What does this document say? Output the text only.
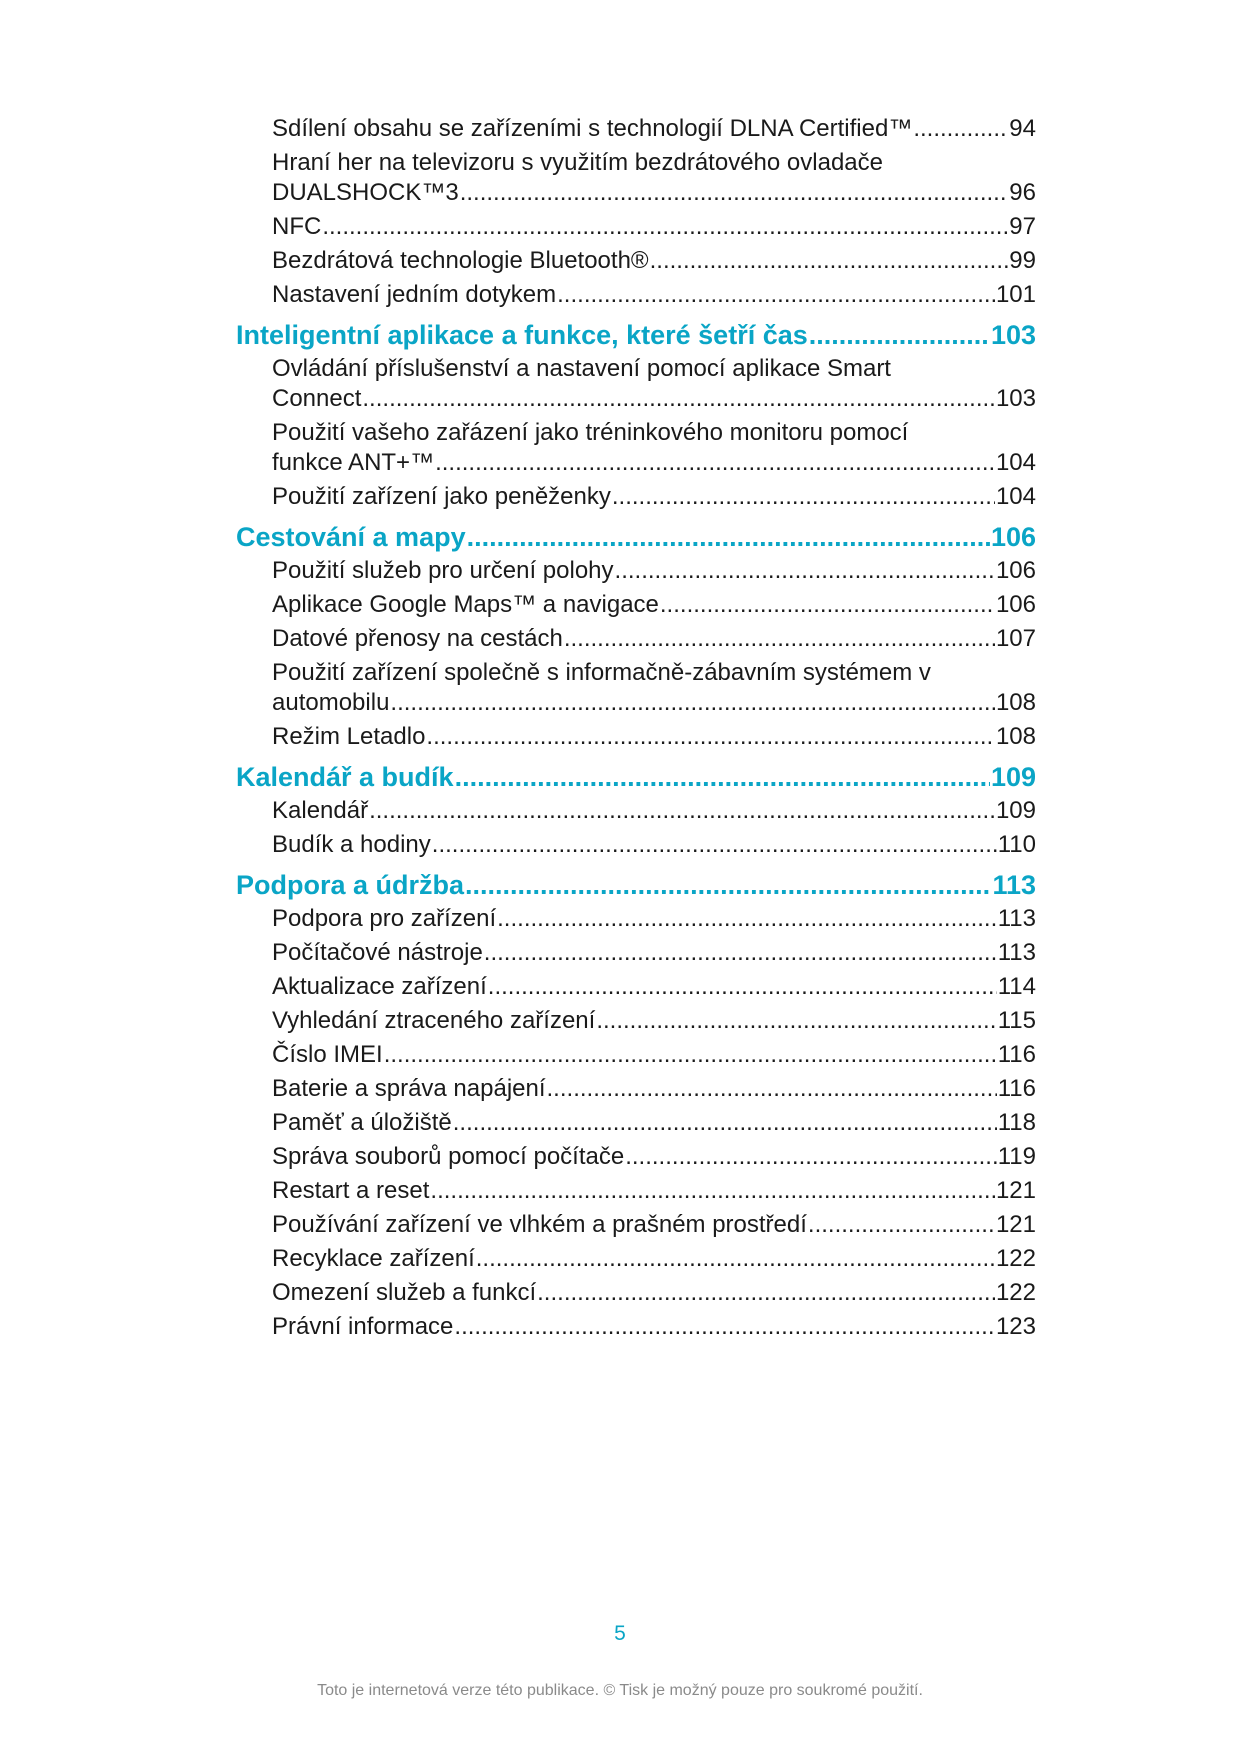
Sdílení obsahu se zařízeními s technologií DLNA Certified™ .....	94
Hraní her na televizoru s využitím bezdrátového ovladače
DUALSHOCK™3 .....	96
NFC .....	97
Bezdrátová technologie Bluetooth® .....	99
Nastavení jedním dotykem .....	101
Inteligentní aplikace a funkce, které šetří čas .....	103
Ovládání příslušenství a nastavení pomocí aplikace Smart
Connect .....	103
Použití vašeho zařázení jako tréninkového monitoru pomocí
funkce ANT+™ .....	104
Použití zařízení jako peněženky .....	104
Cestování a mapy .....	106
Použití služeb pro určení polohy .....	106
Aplikace Google Maps™ a navigace .....	106
Datové přenosy na cestách .....	107
Použití zařízení společně s informačně-zábavním systémem v
automobilu .....	108
Režim Letadlo .....	108
Kalendář a budík .....	109
Kalendář .....	109
Budík a hodiny .....	110
Podpora a údržba .....	113
Podpora pro zařízení .....	113
Počítačové nástroje .....	113
Aktualizace zařízení .....	114
Vyhledání ztraceného zařízení .....	115
Číslo IMEI .....	116
Baterie a správa napájení .....	116
Paměť a úložiště .....	118
Správa souborů pomocí počítače .....	119
Restart a reset .....	121
Používání zařízení ve vlhkém a prašném prostředí .....	121
Recyklace zařízení .....	122
Omezení služeb a funkcí .....	122
Právní informace .....	123
5
Toto je internetová verze této publikace. © Tisk je možný pouze pro soukromé použití.
